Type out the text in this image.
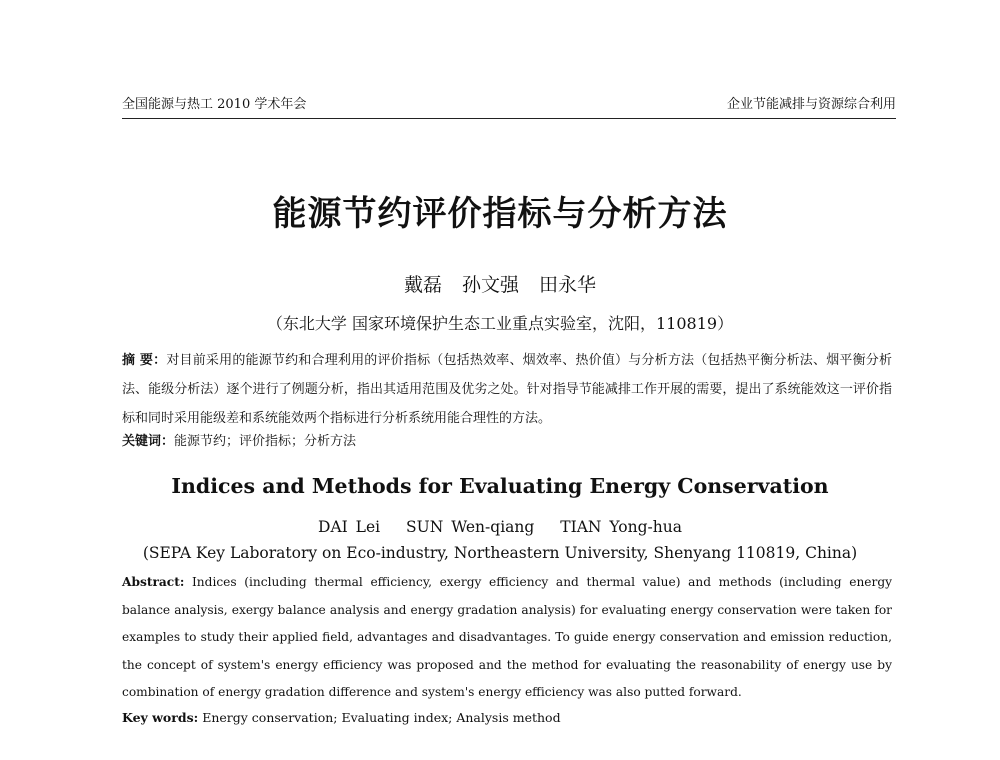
全国能源与热工 2010 学术年会	企业节能减排与资源综合利用
能源节约评价指标与分析方法
戴磊 孙文强 田永华
（东北大学 国家环境保护生态工业重点实验室，沈阳，110819）
摘 要：对目前采用的能源节约和合理利用的评价指标（包括热效率、烟效率、热价值）与分析方法（包括热平衡分析法、烟平衡分析法、能级分析法）逐个进行了例题分析，指出其适用范围及优劣之处。针对指导节能减排工作开展的需要，提出了系统能效这一评价指标和同时采用能级差和系统能效两个指标进行分析系统用能合理性的方法。
关键词：能源节约；评价指标；分析方法
Indices and Methods for Evaluating Energy Conservation
DAI Lei SUN Wen-qiang TIAN Yong-hua
(SEPA Key Laboratory on Eco-industry, Northeastern University, Shenyang 110819, China)
Abstract: Indices (including thermal efficiency, exergy efficiency and thermal value) and methods (including energy balance analysis, exergy balance analysis and energy gradation analysis) for evaluating energy conservation were taken for examples to study their applied field, advantages and disadvantages. To guide energy conservation and emission reduction, the concept of system's energy efficiency was proposed and the method for evaluating the reasonability of energy use by combination of energy gradation difference and system's energy efficiency was also putted forward.
Key words: Energy conservation; Evaluating index; Analysis method
